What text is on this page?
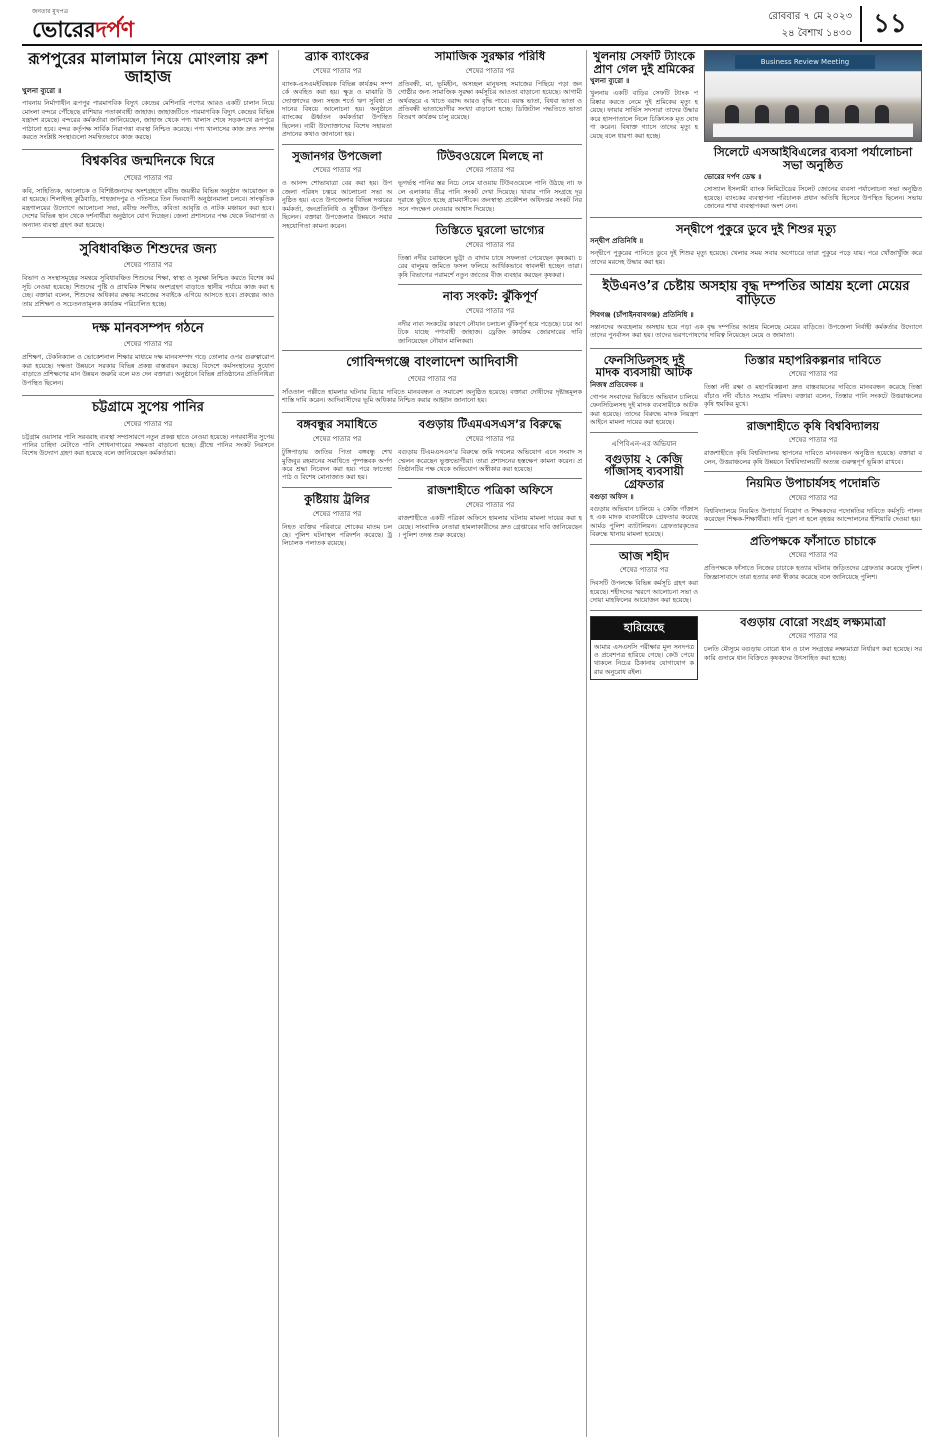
জনতার মুখপত্র
ভোরেরদর্পণ
রোববার ৭ মে ২০২৩
২৪ বৈশাখ ১৪৩০ ১১
রূপপুরের মালামাল নিয়ে মোংলায় রুশ জাহাজ
খুলনা ব্যুরো ॥
পাবনায় নির্মাণাধীন রূপপুর পারমাণবিক বিদ্যুৎ কেন্দ্রের মেশিনারি পণ্যের আরও একটি চালান নিয়ে মোংলা বন্দরে পৌঁছেছে রাশিয়ার পতাকাবাহী জাহাজ। জাহাজটিতে পারমাণবিক বিদ্যুৎ কেন্দ্রের বিভিন্ন যন্ত্রাংশ রয়েছে। বন্দরের কর্মকর্তারা জানিয়েছেন, জাহাজ থেকে পণ্য খালাস শেষে সড়কপথে রূপপুরে পাঠানো হবে। বন্দর কর্তৃপক্ষ সার্বিক নিরাপত্তা ব্যবস্থা নিশ্চিত করেছে। পণ্য খালাসের কাজ দ্রুত সম্পন্ন করতে সংশ্লিষ্ট সংস্থাগুলো সমন্বিতভাবে কাজ করছে।
বিশ্বকবির জন্মদিনকে ঘিরে
শেষের পাতার পর
কবি, সাহিত্যিক, আলোচক ও বিশিষ্টজনদের অংশগ্রহণে রবীন্দ্র জয়ন্তীর বিভিন্ন অনুষ্ঠান আয়োজন করা হয়েছে। শিলাইদহ কুঠিবাড়ি, শাহজাদপুর ও পতিসরে তিন দিনব্যাপী অনুষ্ঠানমালা চলবে। সাংস্কৃতিক মন্ত্রণালয়ের উদ্যোগে আলোচনা সভা, রবীন্দ্র সংগীত, কবিতা আবৃত্তি ও নাটক মঞ্চায়ন করা হবে। দেশের বিভিন্ন স্থান থেকে দর্শনার্থীরা অনুষ্ঠানে যোগ দিচ্ছেন। জেলা প্রশাসনের পক্ষ থেকে নিরাপত্তা ও অন্যান্য ব্যবস্থা গ্রহণ করা হয়েছে।
সুবিধাবঞ্চিত শিশুদের জন্য
শেষের পাতার পর
বিভাগ ও সংস্থাসমূহের সমন্বয়ে সুবিধাবঞ্চিত শিশুদের শিক্ষা, স্বাস্থ্য ও সুরক্ষা নিশ্চিত করতে বিশেষ কর্মসূচি নেওয়া হয়েছে। শিশুদের পুষ্টি ও প্রাথমিক শিক্ষায় অংশগ্রহণ বাড়াতে স্থানীয় পর্যায়ে কাজ করা হচ্ছে। বক্তারা বলেন, শিশুদের অধিকার রক্ষায় সমাজের সবাইকে এগিয়ে আসতে হবে। প্রকল্পের আওতায় প্রশিক্ষণ ও সচেতনতামূলক কার্যক্রম পরিচালিত হচ্ছে।
দক্ষ মানবসম্পদ গঠনে
শেষের পাতার পর
প্রশিক্ষণ, টেকনিক্যাল ও ভোকেশনাল শিক্ষার মাধ্যমে দক্ষ মানবসম্পদ গড়ে তোলার ওপর গুরুত্বারোপ করা হয়েছে। দক্ষতা উন্নয়নে সরকার বিভিন্ন প্রকল্প বাস্তবায়ন করছে। বিদেশে কর্মসংস্থানের সুযোগ বাড়াতে প্রশিক্ষণের মান উন্নয়ন জরুরি বলে মত দেন বক্তারা। অনুষ্ঠানে বিভিন্ন প্রতিষ্ঠানের প্রতিনিধিরা উপস্থিত ছিলেন।
চট্টগ্রামে সুপেয় পানির
শেষের পাতার পর
চট্টগ্রাম ওয়াসার পানি সরবরাহ ব্যবস্থা সম্প্রসারণে নতুন প্রকল্প হাতে নেওয়া হয়েছে। নগরবাসীর সুপেয় পানির চাহিদা মেটাতে পানি শোধনাগারের সক্ষমতা বাড়ানো হচ্ছে। গ্রীষ্মে পানির সংকট নিরসনে বিশেষ উদ্যোগ গ্রহণ করা হয়েছে বলে জানিয়েছেন কর্মকর্তারা।
ব্র্যাক ব্যাংকের
শেষের পাতার পর
ব্যাংক-এসএমইবিষয়ক বিভিন্ন কার্যক্রম সম্পর্কে অবহিত করা হয়। ক্ষুদ্র ও মাঝারি উদ্যোক্তাদের জন্য সহজ শর্তে ঋণ সুবিধা প্রদানের বিষয়ে আলোচনা হয়। অনুষ্ঠানে ব্যাংকের ঊর্ধ্বতন কর্মকর্তারা উপস্থিত ছিলেন। নারী উদ্যোক্তাদের বিশেষ সহায়তা প্রদানের কথাও জানানো হয়।
সামাজিক সুরক্ষার পরিধি
শেষের পাতার পর
প্রতিবন্ধী, মা, ভূমিহীন, অসচ্ছল মানুষসহ সমাজের পিছিয়ে পড়া জনগোষ্ঠীর জন্য সামাজিক সুরক্ষা কর্মসূচির আওতা বাড়ানো হয়েছে। আগামী অর্থবছরে এ খাতে বরাদ্দ আরও বৃদ্ধি পাবে। বয়স্ক ভাতা, বিধবা ভাতা ও প্রতিবন্ধী ভাতাভোগীর সংখ্যা বাড়ানো হচ্ছে। ডিজিটাল পদ্ধতিতে ভাতা বিতরণ কার্যক্রম চালু রয়েছে।
সুজানগর উপজেলা
শেষের পাতার পর
ও আনন্দ শোভাযাত্রা বের করা হয়। উপজেলা পরিষদ চত্বরে আলোচনা সভা অনুষ্ঠিত হয়। এতে উপজেলার বিভিন্ন দপ্তরের কর্মকর্তা, জনপ্রতিনিধি ও সুধীজন উপস্থিত ছিলেন। বক্তারা উপজেলার উন্নয়নে সবার সহযোগিতা কামনা করেন।
টিউবওয়েলে মিলছে না
শেষের পাতার পর
ভূগর্ভস্থ পানির স্তর নিচে নেমে যাওয়ায় টিউবওয়েলে পানি উঠছে না। ফলে এলাকায় তীব্র পানি সংকট দেখা দিয়েছে। খাবার পানি সংগ্রহে দূরদূরান্তে ছুটতে হচ্ছে গ্রামবাসীকে। জনস্বাস্থ্য প্রকৌশল অধিদপ্তর সংকট নিরসনে পদক্ষেপ নেওয়ার আশ্বাস দিয়েছে।
তিস্তিতে ঘুরলো ভাগ্যের
শেষের পাতার পর
তিস্তা নদীর চরাঞ্চলে ভুট্টা ও বাদাম চাষে সফলতা পেয়েছেন কৃষকরা। চরের বালুময় জমিতে ফসল ফলিয়ে আর্থিকভাবে স্বাবলম্বী হচ্ছেন তারা। কৃষি বিভাগের পরামর্শে নতুন জাতের বীজ ব্যবহার করছেন কৃষকরা।
নাব্য সংকট: ঝুঁকিপূর্ণ
শেষের পাতার পর
নদীর নাব্য সংকটের কারণে নৌযান চলাচল ঝুঁকিপূর্ণ হয়ে পড়েছে। চরে আটকে যাচ্ছে পণ্যবাহী জাহাজ। ড্রেজিং কার্যক্রম জোরদারের দাবি জানিয়েছেন নৌযান মালিকরা।
গোবিন্দগঞ্জে বাংলাদেশ আদিবাসী
শেষের পাতার পর
সাঁওতাল পল্লীতে হামলার ঘটনার বিচার দাবিতে মানববন্ধন ও সমাবেশ অনুষ্ঠিত হয়েছে। বক্তারা দোষীদের দৃষ্টান্তমূলক শাস্তি দাবি করেন। আদিবাসীদের ভূমি অধিকার নিশ্চিত করার আহ্বান জানানো হয়।
বঙ্গবন্ধুর সমাধিতে
শেষের পাতার পর
টুঙ্গিপাড়ায় জাতির পিতা বঙ্গবন্ধু শেখ মুজিবুর রহমানের সমাধিতে পুষ্পস্তবক অর্পণ করে শ্রদ্ধা নিবেদন করা হয়। পরে ফাতেহা পাঠ ও বিশেষ মোনাজাত করা হয়।
কুষ্টিয়ায় ট্রলির
শেষের পাতার পর
নিহত ব্যক্তির পরিবারে শোকের মাতম চলছে। পুলিশ ঘটনাস্থল পরিদর্শন করেছে। ট্রলিচালক পলাতক রয়েছে।
বগুড়ায় টিএমএসএস’র বিরুদ্ধে
শেষের পাতার পর
বগুড়ায় টিএমএসএস’র বিরুদ্ধে জমি দখলের অভিযোগ এনে সংবাদ সম্মেলন করেছেন ভুক্তভোগীরা। তারা প্রশাসনের হস্তক্ষেপ কামনা করেন। প্রতিষ্ঠানটির পক্ষ থেকে অভিযোগ অস্বীকার করা হয়েছে।
রাজশাহীতে পত্রিকা অফিসে
শেষের পাতার পর
রাজশাহীতে একটি পত্রিকা অফিসে হামলার ঘটনায় মামলা দায়ের করা হয়েছে। সাংবাদিক নেতারা হামলাকারীদের দ্রুত গ্রেপ্তারের দাবি জানিয়েছেন। পুলিশ তদন্ত শুরু করেছে।
খুলনায় সেফটি ট্যাংকে প্রাণ গেল দুই শ্রমিকের
খুলনা ব্যুরো ॥
খুলনায় একটি বাড়ির সেফটি ট্যাংক পরিষ্কার করতে নেমে দুই শ্রমিকের মৃত্যু হয়েছে। ফায়ার সার্ভিস সদস্যরা তাদের উদ্ধার করে হাসপাতালে নিলে চিকিৎসক মৃত ঘোষণা করেন। বিষাক্ত গ্যাসে তাদের মৃত্যু হয়েছে বলে ধারণা করা হচ্ছে।
Business Review Meeting
সিলেটে এসআইবিএলের ব্যবসা পর্যালোচনা সভা অনুষ্ঠিত
ভোরের দর্পণ ডেস্ক ॥
সোস্যাল ইসলামী ব্যাংক লিমিটেডের সিলেট জোনের ব্যবসা পর্যালোচনা সভা অনুষ্ঠিত হয়েছে। ব্যাংকের ব্যবস্থাপনা পরিচালক প্রধান অতিথি হিসেবে উপস্থিত ছিলেন। সভায় জোনের শাখা ব্যবস্থাপকরা অংশ নেন।
সন্দ্বীপে পুকুরে ডুবে দুই শিশুর মৃত্যু
সন্দ্বীপ প্রতিনিধি ॥
সন্দ্বীপে পুকুরের পানিতে ডুবে দুই শিশুর মৃত্যু হয়েছে। খেলার সময় সবার অগোচরে তারা পুকুরে পড়ে যায়। পরে খোঁজাখুঁজি করে তাদের মরদেহ উদ্ধার করা হয়।
ইউএনও’র চেষ্টায় অসহায় বৃদ্ধ দম্পতির আশ্রয় হলো মেয়ের বাড়িতে
শিবগঞ্জ (চাঁপাইনবাবগঞ্জ) প্রতিনিধি ॥
সন্তানদের অবহেলায় অসহায় হয়ে পড়া এক বৃদ্ধ দম্পতির আশ্রয় মিলেছে মেয়ের বাড়িতে। উপজেলা নির্বাহী কর্মকর্তার উদ্যোগে তাদের পুনর্বাসন করা হয়। তাদের ভরণপোষণের দায়িত্ব নিয়েছেন মেয়ে ও জামাতা।
ফেনসিডিলসহ দুই মাদক ব্যবসায়ী আটক
নিজস্ব প্রতিবেদক ॥
গোপন সংবাদের ভিত্তিতে অভিযান চালিয়ে ফেনসিডিলসহ দুই মাদক ব্যবসায়ীকে আটক করা হয়েছে। তাদের বিরুদ্ধে মাদক নিয়ন্ত্রণ আইনে মামলা দায়ের করা হয়েছে।
এপিবিএন-এর অভিযান
বগুড়ায় ২ কেজি গাঁজাসহ ব্যবসায়ী গ্রেফতার
বগুড়া অফিস ॥
বগুড়ায় অভিযান চালিয়ে ২ কেজি গাঁজাসহ এক মাদক ব্যবসায়ীকে গ্রেফতার করেছে আর্মড পুলিশ ব্যাটালিয়ন। গ্রেফতারকৃতের বিরুদ্ধে থানায় মামলা হয়েছে।
আজ শহীদ
শেষের পাতার পর
দিবসটি উপলক্ষে বিভিন্ন কর্মসূচি গ্রহণ করা হয়েছে। শহীদদের স্মরণে আলোচনা সভা ও দোয়া মাহফিলের আয়োজন করা হয়েছে।
তিস্তার মহাপরিকল্পনার দাবিতে
শেষের পাতার পর
তিস্তা নদী রক্ষা ও মহাপরিকল্পনা দ্রুত বাস্তবায়নের দাবিতে মানববন্ধন করেছে তিস্তা বাঁচাও নদী বাঁচাও সংগ্রাম পরিষদ। বক্তারা বলেন, তিস্তার পানি সংকটে উত্তরাঞ্চলের কৃষি হুমকির মুখে।
রাজশাহীতে কৃষি বিশ্ববিদ্যালয়
শেষের পাতার পর
রাজশাহীতে কৃষি বিশ্ববিদ্যালয় স্থাপনের দাবিতে মানববন্ধন অনুষ্ঠিত হয়েছে। বক্তারা বলেন, উত্তরাঞ্চলের কৃষি উন্নয়নে বিশ্ববিদ্যালয়টি অত্যন্ত গুরুত্বপূর্ণ ভূমিকা রাখবে।
নিয়মিত উপাচার্যসহ পদোন্নতি
শেষের পাতার পর
বিশ্ববিদ্যালয়ে নিয়মিত উপাচার্য নিয়োগ ও শিক্ষকদের পদোন্নতির দাবিতে কর্মসূচি পালন করেছেন শিক্ষক-শিক্ষার্থীরা। দাবি পূরণ না হলে বৃহত্তর আন্দোলনের হুঁশিয়ারি দেওয়া হয়।
প্রতিপক্ষকে ফাঁসাতে চাচাকে
শেষের পাতার পর
প্রতিপক্ষকে ফাঁসাতে নিজের চাচাকে হত্যার ঘটনায় জড়িতদের গ্রেফতার করেছে পুলিশ। জিজ্ঞাসাবাদে তারা হত্যার কথা স্বীকার করেছে বলে জানিয়েছে পুলিশ।
হারিয়েছে
আমার এসএসসি পরীক্ষার মূল সনদপত্র ও প্রবেশপত্র হারিয়ে গেছে। কেউ পেয়ে থাকলে নিচের ঠিকানায় যোগাযোগ করার অনুরোধ রইল।
বগুড়ায় বোরো সংগ্রহ লক্ষ্যমাত্রা
শেষের পাতার পর
চলতি মৌসুমে বগুড়ায় বোরো ধান ও চাল সংগ্রহের লক্ষ্যমাত্রা নির্ধারণ করা হয়েছে। সরকারি গুদামে ধান বিক্রিতে কৃষকদের উৎসাহিত করা হচ্ছে।
